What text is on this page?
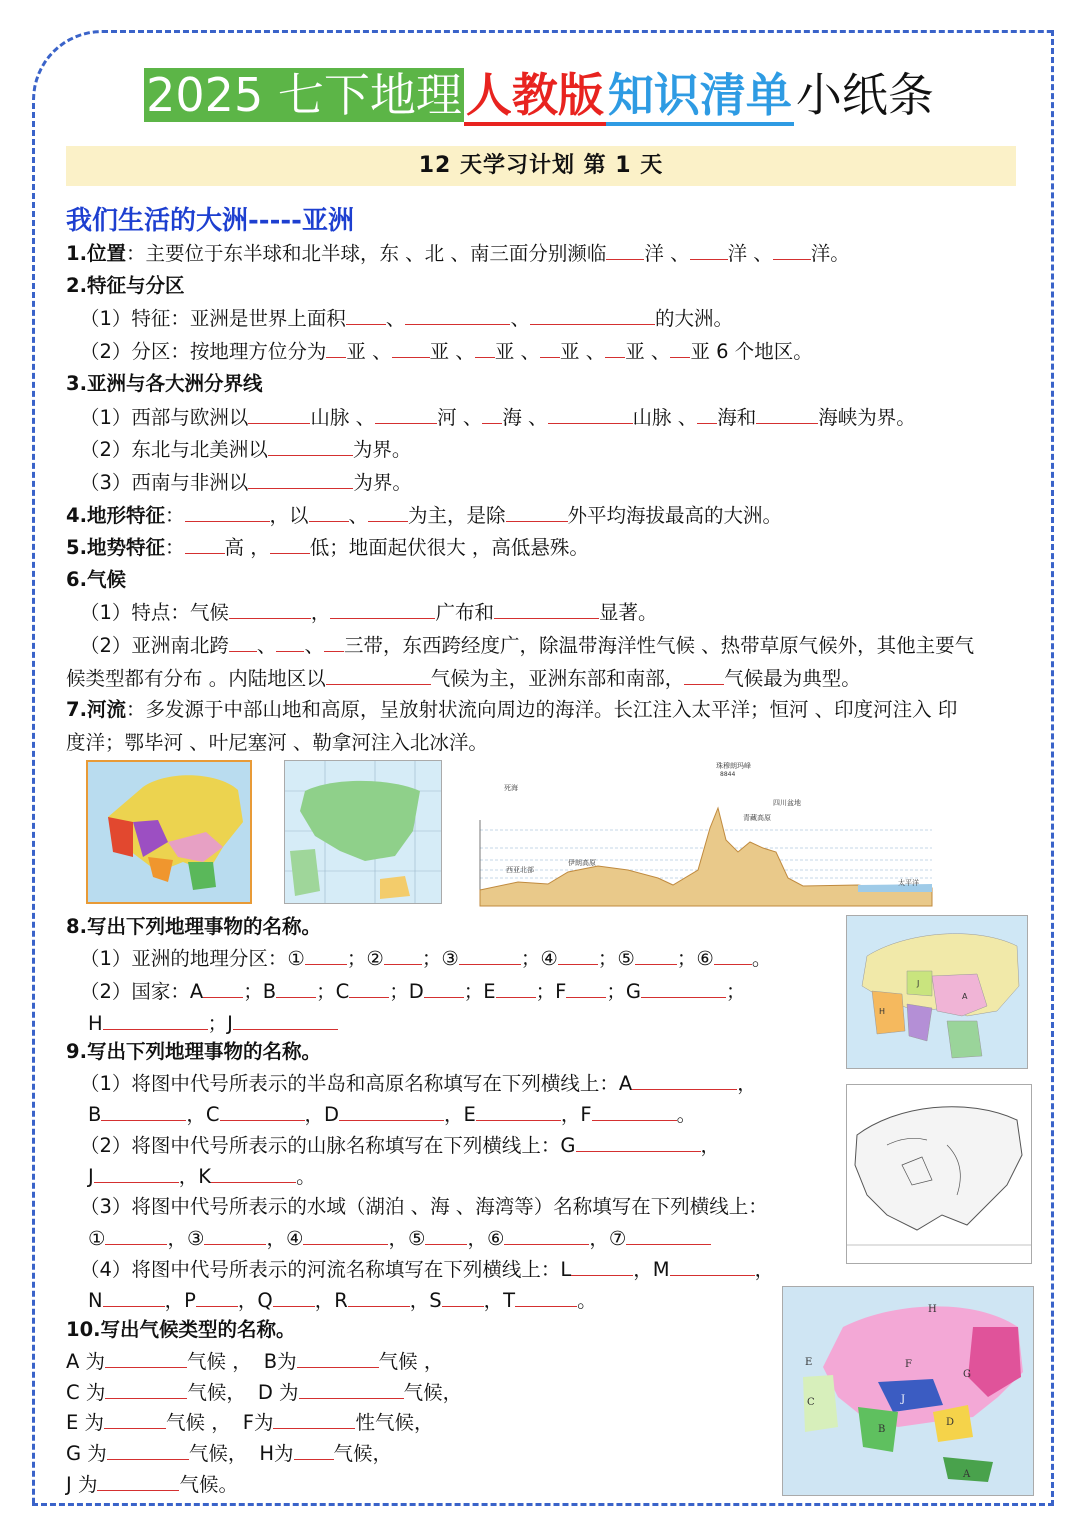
2025 七下地理人教版知识清单小纸条
12 天学习计划 第 1 天
我们生活的大洲-----亚洲
1.位置：主要位于东半球和北半球，东 、北 、南三面分别濒临 洋 、 洋 、 洋。
2.特征与分区
（1）特征：亚洲是世界上面积 、	、	的大洲。
（2）分区：按地理方位分为 亚 、 亚 、 亚 、 亚 、 亚 、 亚 6 个地区。
3.亚洲与各大洲分界线
（1）西部与欧洲以	山脉 、	河 、 海 、	山脉 、 海和	海峡为界。
（2）东北与北美洲以	为界。
（3）西南与非洲以	为界。
4.地形特征：	，以 、 为主，是除	外平均海拔最高的大洲。
5.地势特征： 高 ， 低；地面起伏很大 ，高低悬殊。
6.气候
（1）特点：气候	，	广布和	显著。
（2）亚洲南北跨 、 、 三带，东西跨经度广，除温带海洋性气候 、热带草原气候外，其他主要气
候类型都有分布 。内陆地区以	气候为主，亚洲东部和南部， 气候最为典型。
7.河流：多发源于中部山地和高原，呈放射状流向周边的海洋。长江注入太平洋；恒河 、印度河注入 印
度洋；鄂毕河 、叶尼塞河 、勒拿河注入北冰洋。
珠穆朗玛峰
8844
伊朗高原
青藏高原
四川盆地
太平洋
死海
西亚北部
8.写出下列地理事物的名称。
（1）亚洲的地理分区：① ；② ；③	；④ ；⑤ ；⑥ 。
（2）国家：A ；B ；C ；D ；E ；F ；G	；
H	；J
A
J
H
9.写出下列地理事物的名称。
（1）将图中代号所表示的半岛和高原名称填写在下列横线上：A	，
B	，C	，D	，E	，F	。
（2）将图中代号所表示的山脉名称填写在下列横线上：G	，
J	，K	。
（3）将图中代号所表示的水域（湖泊 、海 、海湾等）名称填写在下列横线上：
①	，③	，④	，⑤ ，⑥	，⑦
（4）将图中代号所表示的河流名称填写在下列横线上：L	，M	，
N	，P ，Q ，R	，S ，T	。
10.写出气候类型的名称。
A 为	气候 ， B为	气候 ，
C 为	气候， D 为	气候，
E 为	气候 ， F为	性气候，
G 为	气候， H为 气候，
J 为	气候。
J
F
G
H
E
C
B
D
A
